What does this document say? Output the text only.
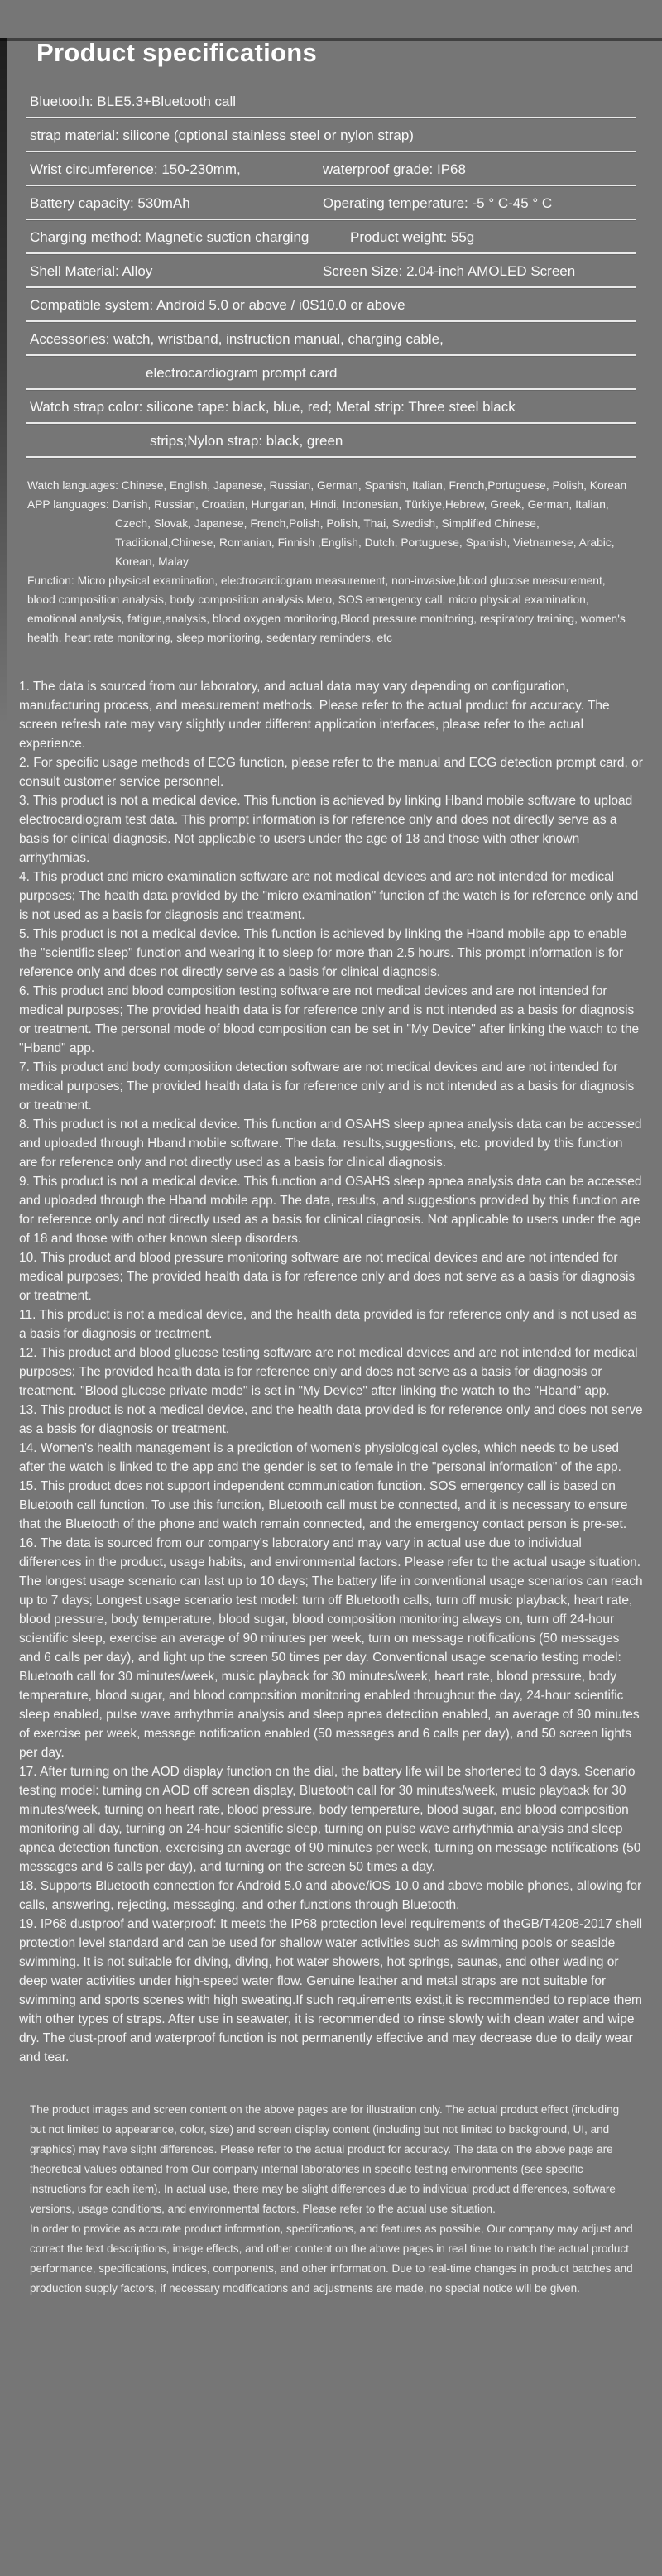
Product specifications
Bluetooth: BLE5.3+Bluetooth call
strap material: silicone (optional stainless steel or nylon strap)
Wrist circumference: 150-230mm,	waterproof grade: IP68
Battery capacity: 530mAh	Operating temperature: -5 ° C-45 ° C
Charging method: Magnetic suction charging	Product weight: 55g
Shell Material: Alloy	Screen Size: 2.04-inch AMOLED Screen
Compatible system: Android 5.0 or above / i0S10.0 or above
Accessories: watch, wristband, instruction manual, charging cable,
electrocardiogram prompt card
Watch strap color: silicone tape: black, blue, red; Metal strip: Three steel black
strips;Nylon strap: black, green
Watch languages: Chinese, English, Japanese, Russian, German, Spanish, Italian, French,Portuguese, Polish, Korean
APP languages: Danish, Russian, Croatian, Hungarian, Hindi, Indonesian, Türkiye,Hebrew, Greek, German, Italian, Czech, Slovak, Japanese, French,Polish, Polish, Thai, Swedish, Simplified Chinese, Traditional,Chinese, Romanian, Finnish ,English, Dutch, Portuguese, Spanish, Vietnamese, Arabic, Korean, Malay
Function: Micro physical examination, electrocardiogram measurement, non-invasive,blood glucose measurement, blood composition analysis, body composition analysis,Meto, SOS emergency call, micro physical examination, emotional analysis, fatigue,analysis, blood oxygen monitoring,Blood pressure monitoring, respiratory training, women's health, heart rate monitoring, sleep monitoring, sedentary reminders, etc
1. The data is sourced from our laboratory, and actual data may vary depending on configuration, manufacturing process, and measurement methods. Please refer to the actual product for accuracy. The screen refresh rate may vary slightly under different application interfaces, please refer to the actual experience.
2. For specific usage methods of ECG function, please refer to the manual and ECG detection prompt card, or consult customer service personnel.
3. This product is not a medical device. This function is achieved by linking Hband mobile software to upload electrocardiogram test data. This prompt information is for reference only and does not directly serve as a basis for clinical diagnosis. Not applicable to users under the age of 18 and those with other known arrhythmias.
4. This product and micro examination software are not medical devices and are not intended for medical purposes; The health data provided by the "micro examination" function of the watch is for reference only and is not used as a basis for diagnosis and treatment.
5. This product is not a medical device. This function is achieved by linking the Hband mobile app to enable the "scientific sleep" function and wearing it to sleep for more than 2.5 hours. This prompt information is for reference only and does not directly serve as a basis for clinical diagnosis.
6. This product and blood composition testing software are not medical devices and are not intended for medical purposes; The provided health data is for reference only and is not intended as a basis for diagnosis or treatment. The personal mode of blood composition can be set in "My Device" after linking the watch to the "Hband" app.
7. This product and body composition detection software are not medical devices and are not intended for medical purposes; The provided health data is for reference only and is not intended as a basis for diagnosis or treatment.
8. This product is not a medical device. This function and OSAHS sleep apnea analysis data can be accessed and uploaded through Hband mobile software. The data, results,suggestions, etc. provided by this function are for reference only and not directly used as a basis for clinical diagnosis.
9. This product is not a medical device. This function and OSAHS sleep apnea analysis data can be accessed and uploaded through the Hband mobile app. The data, results, and suggestions provided by this function are for reference only and not directly used as a basis for clinical diagnosis. Not applicable to users under the age of 18 and those with other known sleep disorders.
10. This product and blood pressure monitoring software are not medical devices and are not intended for medical purposes; The provided health data is for reference only and does not serve as a basis for diagnosis or treatment.
11. This product is not a medical device, and the health data provided is for reference only and is not used as a basis for diagnosis or treatment.
12. This product and blood glucose testing software are not medical devices and are not intended for medical purposes; The provided health data is for reference only and does not serve as a basis for diagnosis or treatment. "Blood glucose private mode" is set in "My Device" after linking the watch to the "Hband" app.
13. This product is not a medical device, and the health data provided is for reference only and does not serve as a basis for diagnosis or treatment.
14. Women's health management is a prediction of women's physiological cycles, which needs to be used after the watch is linked to the app and the gender is set to female in the "personal information" of the app.
15. This product does not support independent communication function. SOS emergency call is based on Bluetooth call function. To use this function, Bluetooth call must be connected, and it is necessary to ensure that the Bluetooth of the phone and watch remain connected, and the emergency contact person is pre-set.
16. The data is sourced from our company's laboratory and may vary in actual use due to individual differences in the product, usage habits, and environmental factors. Please refer to the actual usage situation. The longest usage scenario can last up to 10 days; The battery life in conventional usage scenarios can reach up to 7 days; Longest usage scenario test model: turn off Bluetooth calls, turn off music playback, heart rate, blood pressure, body temperature, blood sugar, blood composition monitoring always on, turn off 24-hour scientific sleep, exercise an average of 90 minutes per week, turn on message notifications (50 messages and 6 calls per day), and light up the screen 50 times per day. Conventional usage scenario testing model: Bluetooth call for 30 minutes/week, music playback for 30 minutes/week, heart rate, blood pressure, body temperature, blood sugar, and blood composition monitoring enabled throughout the day, 24-hour scientific sleep enabled, pulse wave arrhythmia analysis and sleep apnea detection enabled, an average of 90 minutes of exercise per week, message notification enabled (50 messages and 6 calls per day), and 50 screen lights per day.
17. After turning on the AOD display function on the dial, the battery life will be shortened to 3 days. Scenario testing model: turning on AOD off screen display, Bluetooth call for 30 minutes/week, music playback for 30 minutes/week, turning on heart rate, blood pressure, body temperature, blood sugar, and blood composition monitoring all day, turning on 24-hour scientific sleep, turning on pulse wave arrhythmia analysis and sleep apnea detection function, exercising an average of 90 minutes per week, turning on message notifications (50 messages and 6 calls per day), and turning on the screen 50 times a day.
18. Supports Bluetooth connection for Android 5.0 and above/iOS 10.0 and above mobile phones, allowing for calls, answering, rejecting, messaging, and other functions through Bluetooth.
19. IP68 dustproof and waterproof: It meets the IP68 protection level requirements of theGB/T4208-2017 shell protection level standard and can be used for shallow water activities such as swimming pools or seaside swimming. It is not suitable for diving, diving, hot water showers, hot springs, saunas, and other wading or deep water activities under high-speed water flow. Genuine leather and metal straps are not suitable for swimming and sports scenes with high sweating.If such requirements exist,it is recommended to replace them with other types of straps. After use in seawater, it is recommended to rinse slowly with clean water and wipe dry. The dust-proof and waterproof function is not permanently effective and may decrease due to daily wear and tear.
The product images and screen content on the above pages are for illustration only. The actual product effect (including but not limited to appearance, color, size) and screen display content (including but not limited to background, UI, and graphics) may have slight differences. Please refer to the actual product for accuracy. The data on the above page are theoretical values obtained from Our company internal laboratories in specific testing environments (see specific instructions for each item). In actual use, there may be slight differences due to individual product differences, software versions, usage conditions, and environmental factors. Please refer to the actual use situation.
In order to provide as accurate product information, specifications, and features as possible, Our company may adjust and correct the text descriptions, image effects, and other content on the above pages in real time to match the actual product performance, specifications, indices, components, and other information. Due to real-time changes in product batches and production supply factors, if necessary modifications and adjustments are made, no special notice will be given.
